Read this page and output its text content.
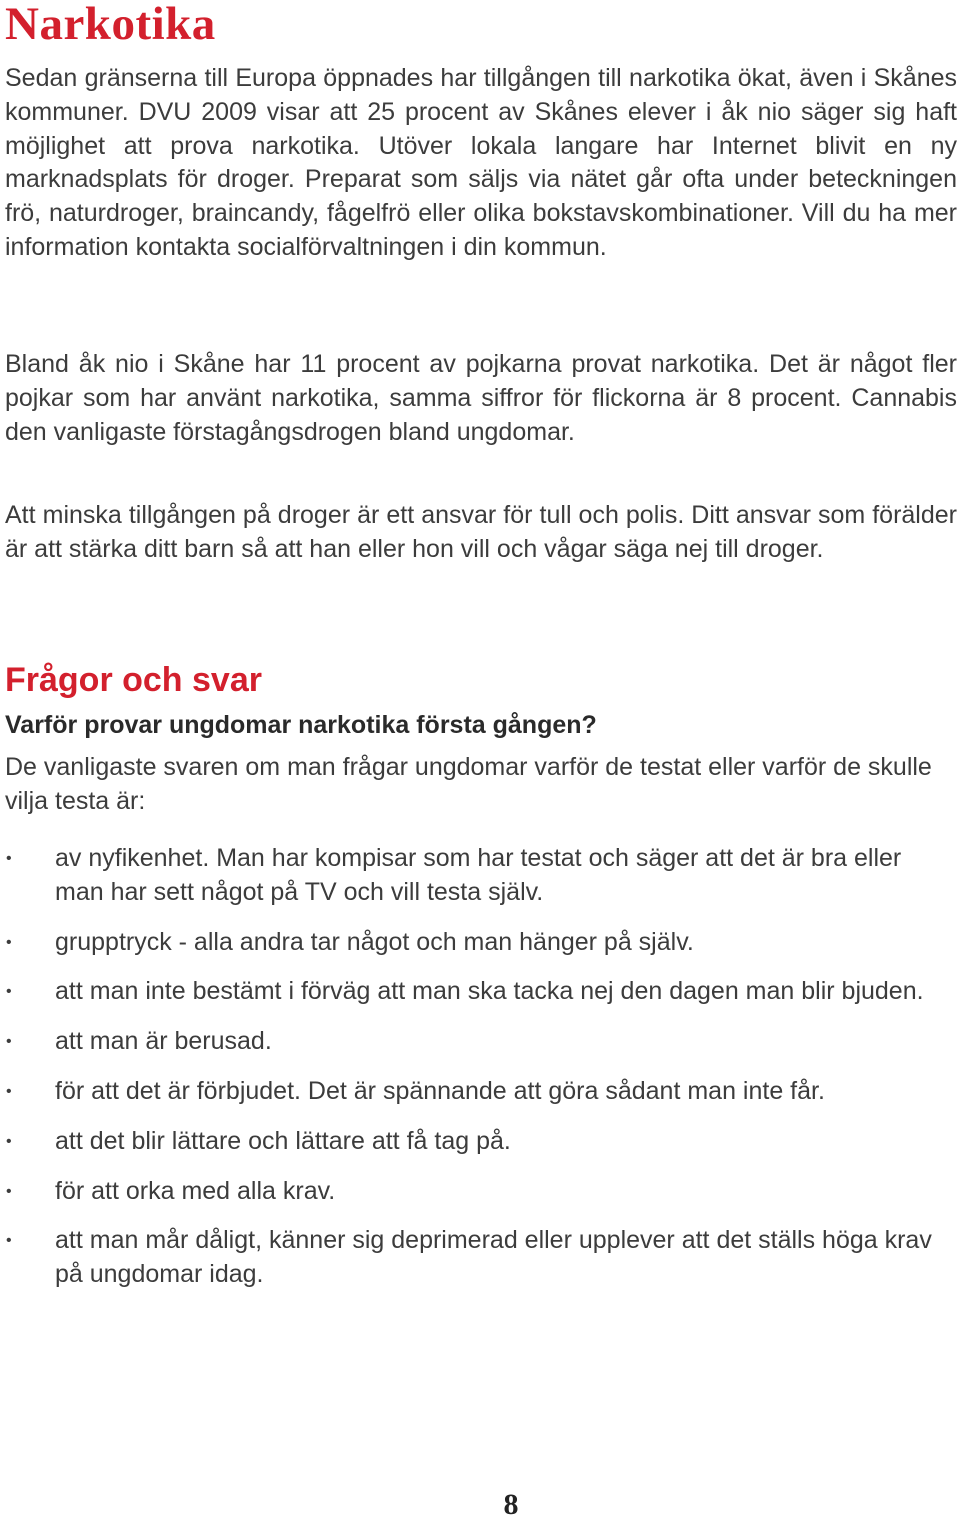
Narkotika

Sedan gränserna till Europa öppnades har tillgången till narkotika ökat, även i Skånes kommuner. DVU 2009 visar att 25 procent av Skånes elever i åk nio säger sig haft möjlighet att prova narkotika. Utöver lokala langare har Internet blivit en ny marknadsplats för droger. Preparat som säljs via nätet går ofta under beteckningen frö, naturdroger, braincandy, fågelfrö eller olika bokstavskombinationer. Vill du ha mer information kontakta socialförvaltningen i din kommun.

Bland åk nio i Skåne har 11 procent av pojkarna provat narkotika. Det är något fler pojkar som har använt narkotika, samma siffror för flickorna är 8 procent. Cannabis den vanligaste förstagångsdrogen bland ungdomar.

Att minska tillgången på droger är ett ansvar för tull och polis. Ditt ansvar som förälder är att stärka ditt barn så att han eller hon vill och vågar säga nej till droger.

Frågor och svar
Varför provar ungdomar narkotika första gången?

De vanligaste svaren om man frågar ungdomar varför de testat eller varför de skulle vilja testa är:

• av nyfikenhet. Man har kompisar som har testat och säger att det är bra eller man har sett något på TV och vill testa själv.
• grupptryck - alla andra tar något och man hänger på själv.
• att man inte bestämt i förväg att man ska tacka nej den dagen man blir bjuden.
• att man är berusad.
• för att det är förbjudet. Det är spännande att göra sådant man inte får.
• att det blir lättare och lättare att få tag på.
• för att orka med alla krav.
• att man mår dåligt, känner sig deprimerad eller upplever att det ställs höga krav på ungdomar idag.
8
